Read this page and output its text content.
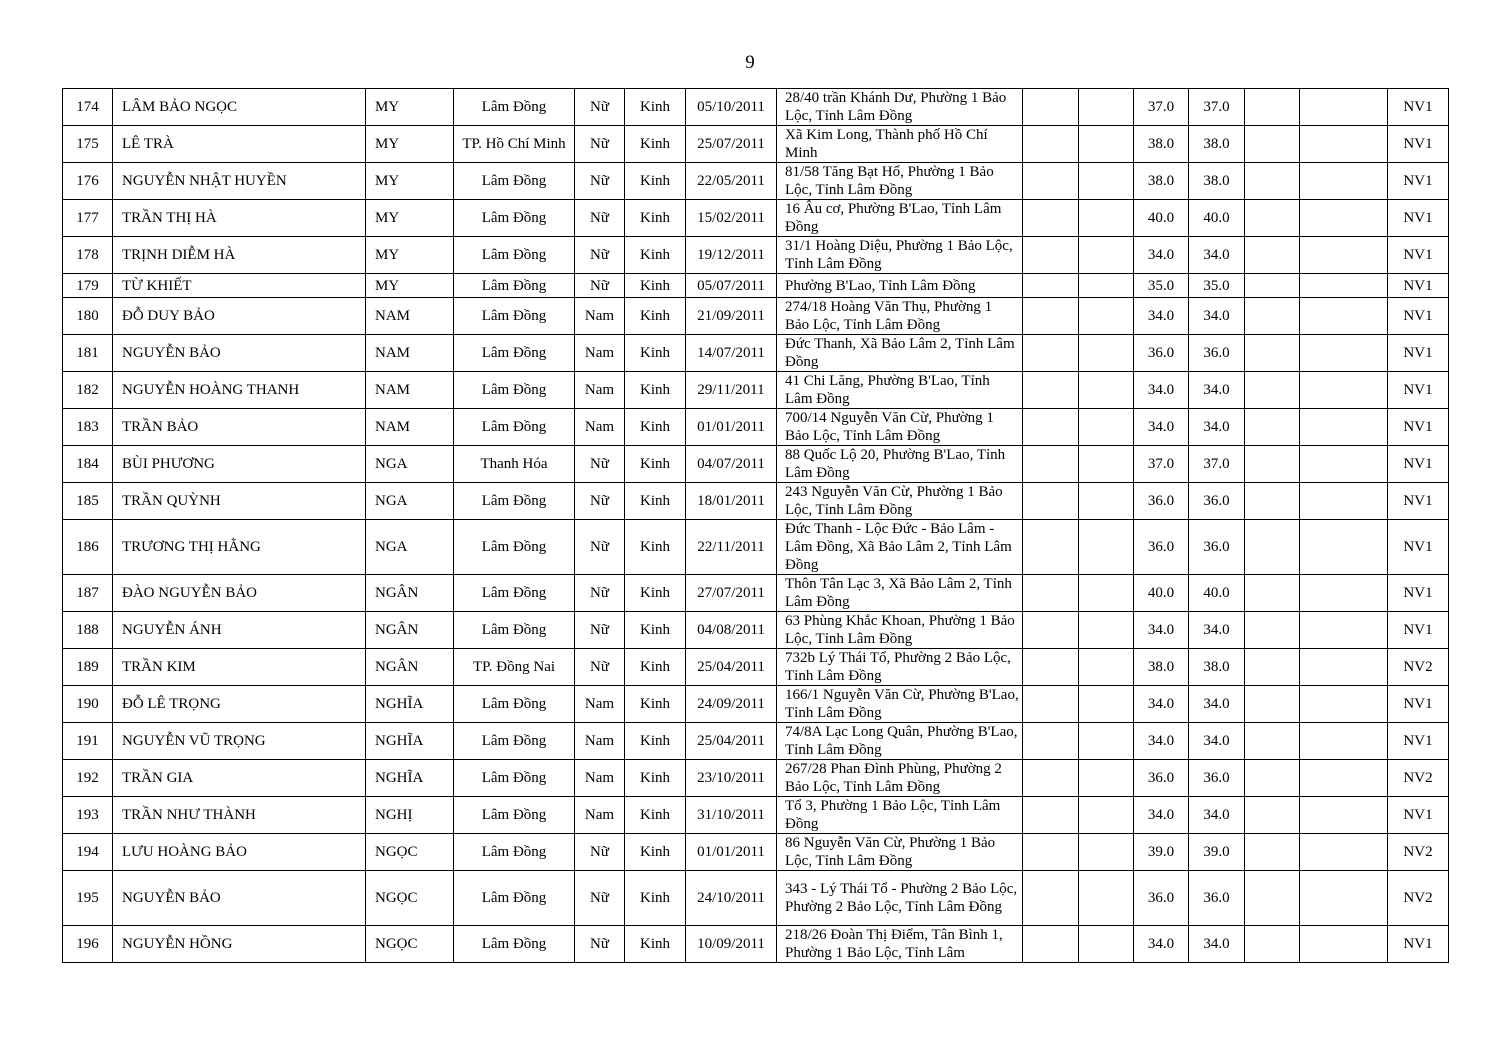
9
174	LÂM BẢO NGỌC	MY	Lâm Đồng	Nữ	Kinh	05/10/2011	28/40 trần Khánh Dư, Phường 1 Bảo Lộc, Tỉnh Lâm Đồng			37.0	37.0			NV1
175	LÊ TRÀ	MY	TP. Hồ Chí Minh	Nữ	Kinh	25/07/2011	Xã Kim Long, Thành phố Hồ Chí Minh			38.0	38.0			NV1
176	NGUYỄN NHẬT HUYỀN	MY	Lâm Đồng	Nữ	Kinh	22/05/2011	81/58 Tăng Bạt Hổ, Phường 1 Bảo Lộc, Tỉnh Lâm Đồng			38.0	38.0			NV1
177	TRẦN THỊ HÀ	MY	Lâm Đồng	Nữ	Kinh	15/02/2011	16 Âu cơ, Phường B'Lao, Tỉnh Lâm Đồng			40.0	40.0			NV1
178	TRỊNH DIỄM HÀ	MY	Lâm Đồng	Nữ	Kinh	19/12/2011	31/1 Hoàng Diệu, Phường 1 Bảo Lộc, Tỉnh Lâm Đồng			34.0	34.0			NV1
179	TỪ KHIẾT	MY	Lâm Đồng	Nữ	Kinh	05/07/2011	Phường B'Lao, Tỉnh Lâm Đồng			35.0	35.0			NV1
180	ĐỖ DUY BẢO	NAM	Lâm Đồng	Nam	Kinh	21/09/2011	274/18 Hoàng Văn Thụ, Phường 1 Bảo Lộc, Tỉnh Lâm Đồng			34.0	34.0			NV1
181	NGUYỄN BẢO	NAM	Lâm Đồng	Nam	Kinh	14/07/2011	Đức Thanh, Xã Bảo Lâm 2, Tỉnh Lâm Đồng			36.0	36.0			NV1
182	NGUYỄN HOÀNG THANH	NAM	Lâm Đồng	Nam	Kinh	29/11/2011	41 Chi Lăng, Phường B'Lao, Tỉnh Lâm Đồng			34.0	34.0			NV1
183	TRẦN BẢO	NAM	Lâm Đồng	Nam	Kinh	01/01/2011	700/14 Nguyễn Văn Cừ, Phường 1 Bảo Lộc, Tỉnh Lâm Đồng			34.0	34.0			NV1
184	BÙI PHƯƠNG	NGA	Thanh Hóa	Nữ	Kinh	04/07/2011	88 Quốc Lộ 20, Phường B'Lao, Tỉnh Lâm Đồng			37.0	37.0			NV1
185	TRẦN QUỲNH	NGA	Lâm Đồng	Nữ	Kinh	18/01/2011	243 Nguyễn Văn Cừ, Phường 1 Bảo Lộc, Tỉnh Lâm Đồng			36.0	36.0			NV1
186	TRƯƠNG THỊ HẰNG	NGA	Lâm Đồng	Nữ	Kinh	22/11/2011	Đức Thanh - Lộc Đức - Bảo Lâm - Lâm Đồng, Xã Bảo Lâm 2, Tỉnh Lâm Đồng			36.0	36.0			NV1
187	ĐÀO NGUYỄN BẢO	NGÂN	Lâm Đồng	Nữ	Kinh	27/07/2011	Thôn Tân Lạc 3, Xã Bảo Lâm 2, Tỉnh Lâm Đồng			40.0	40.0			NV1
188	NGUYỄN ÁNH	NGÂN	Lâm Đồng	Nữ	Kinh	04/08/2011	63 Phùng Khắc Khoan, Phường 1 Bảo Lộc, Tỉnh Lâm Đồng			34.0	34.0			NV1
189	TRẦN KIM	NGÂN	TP. Đồng Nai	Nữ	Kinh	25/04/2011	732b Lý Thái Tổ, Phường 2 Bảo Lộc, Tỉnh Lâm Đồng			38.0	38.0			NV2
190	ĐỖ LÊ TRỌNG	NGHĨA	Lâm Đồng	Nam	Kinh	24/09/2011	166/1 Nguyễn Văn Cừ, Phường B'Lao, Tỉnh Lâm Đồng			34.0	34.0			NV1
191	NGUYỄN VŨ TRỌNG	NGHĨA	Lâm Đồng	Nam	Kinh	25/04/2011	74/8A Lạc Long Quân, Phường B'Lao, Tỉnh Lâm Đồng			34.0	34.0			NV1
192	TRẦN GIA	NGHĨA	Lâm Đồng	Nam	Kinh	23/10/2011	267/28 Phan Đình Phùng, Phường 2 Bảo Lộc, Tỉnh Lâm Đồng			36.0	36.0			NV2
193	TRẦN NHƯ THÀNH	NGHỊ	Lâm Đồng	Nam	Kinh	31/10/2011	Tổ 3, Phường 1 Bảo Lộc, Tỉnh Lâm Đồng			34.0	34.0			NV1
194	LƯU HOÀNG BẢO	NGỌC	Lâm Đồng	Nữ	Kinh	01/01/2011	86 Nguyễn Văn Cừ, Phường 1 Bảo Lộc, Tỉnh Lâm Đồng			39.0	39.0			NV2
195	NGUYỄN BẢO	NGỌC	Lâm Đồng	Nữ	Kinh	24/10/2011	343 - Lý Thái Tổ - Phường 2 Bảo Lộc, Phường 2 Bảo Lộc, Tỉnh Lâm Đồng			36.0	36.0			NV2
196	NGUYỄN HỒNG	NGỌC	Lâm Đồng	Nữ	Kinh	10/09/2011	218/26 Đoàn Thị Điểm, Tân Bình 1, Phường 1 Bảo Lộc, Tỉnh Lâm			34.0	34.0			NV1
